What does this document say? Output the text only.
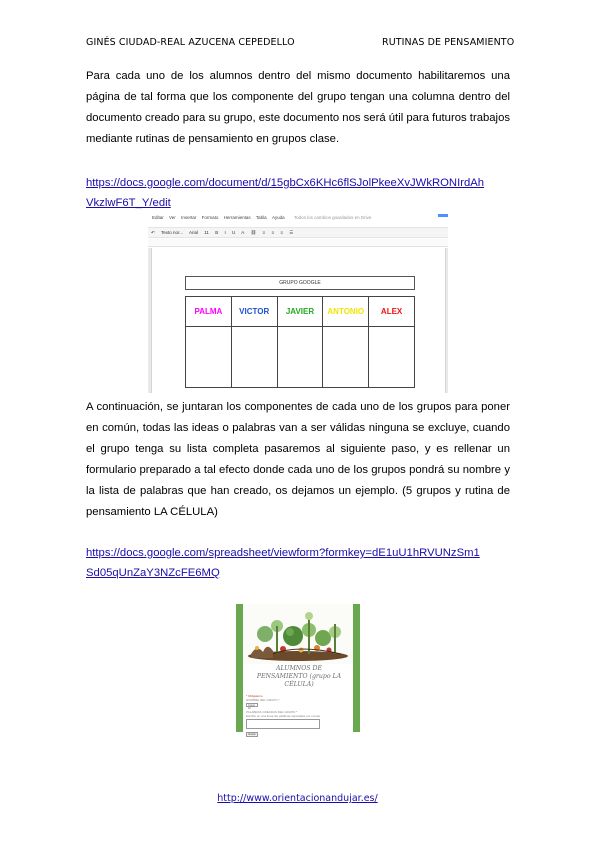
GINÉS CIUDAD-REAL AZUCENA CEPEDELLO	RUTINAS DE PENSAMIENTO

Para cada uno de los alumnos dentro del mismo documento habilitaremos una página de tal forma que los componente del grupo tengan una columna dentro del documento creado para su grupo, este documento nos será útil para futuros trabajos mediante rutinas de pensamiento en grupos clase.

https://docs.google.com/document/d/15gbCx6KHc6flSJolPkeeXvJWkRONIrdAh
VkzlwF6T_Y/edit
Editar Ver Insertar Formato Herramientas Tabla Ayuda Todos los cambios guardados en Drive
↶ Texto nor... Arial 11 B I U A ⛓ ≡ ≡ ≡ ☰
GRUPO GOOGLE
PALMA	VICTOR	JAVIER	ANTONIO	ALEX

A continuación, se juntaran los componentes de cada uno de los grupos para poner en común, todas las ideas o palabras van a ser válidas ninguna se excluye, cuando el grupo tenga su lista completa pasaremos al siguiente paso, y es rellenar un formulario preparado a tal efecto donde cada uno de los grupos pondrá su nombre y la lista de palabras que han creado, os dejamos un ejemplo. (5 grupos y rutina de pensamiento LA CÉLULA)

https://docs.google.com/spreadsheet/viewform?formkey=dE1uU1hRVUNzSm1
Sd05qUnZaY3NZcFE6MQ
ALUMNOS DE PENSAMIENTO (grupo LA CÉLULA)
* Obligatorio
NOMBRE DEL GRUPO *
Grupo 10
PALABRAS CREADAS DEL GRUPO *
Escribe en una línea las palabras separadas por comas
Enviar
http://www.orientacionandujar.es/
